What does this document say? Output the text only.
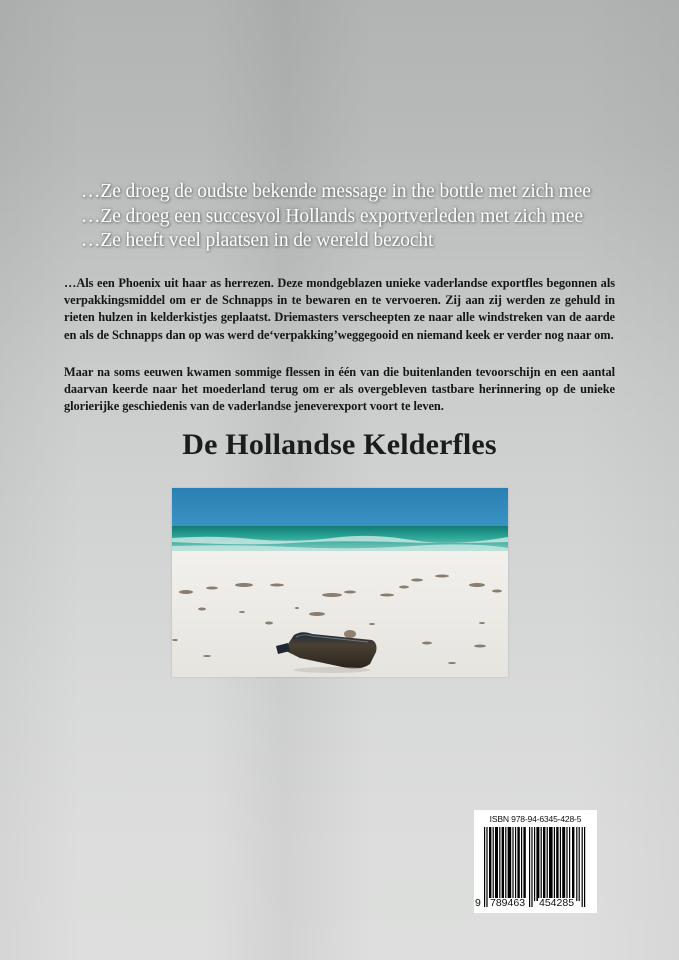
…Ze droeg de oudste bekende message in the bottle met zich mee
…Ze droeg een succesvol Hollands exportverleden met zich mee
…Ze heeft veel plaatsen in de wereld bezocht

…Als een Phoenix uit haar as herrezen. Deze mondgeblazen unieke vaderlandse exportfles begonnen als verpakkingsmiddel om er de Schnapps in te bewaren en te vervoeren. Zij aan zij werden ze gehuld in rieten hulzen in kelderkistjes geplaatst. Driemasters verscheepten ze naar alle windstreken van de aarde en als de Schnapps dan op was werd de‘verpakking’weggegooid en niemand keek er verder nog naar om.

Maar na soms eeuwen kwamen sommige flessen in één van die buitenlanden tevoorschijn en een aantal daarvan keerde naar het moederland terug om er als overgebleven tastbare herinnering op de unieke glorierijke geschiedenis van de vaderlandse jeneverexport voort te leven.

De Hollandse Kelderfles
ISBN 978-94-6345-428-5
9 789463 454285
